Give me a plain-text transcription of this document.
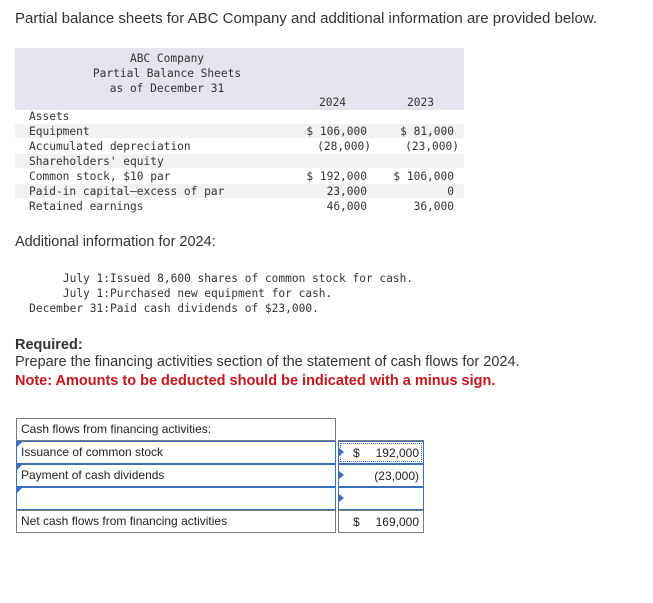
Partial balance sheets for ABC Company and additional information are provided below.
ABC Company
Partial Balance Sheets
as of December 31
2024	2023
Assets
Equipment	$ 106,000	$ 81,000
Accumulated depreciation	(28,000)	(23,000)
Shareholders' equity
Common stock, $10 par	$ 192,000 $ 106,000
Paid-in capital—excess of par	23,000	0
Retained earnings	46,000	36,000
Additional information for 2024:
July 1: Issued 8,600 shares of common stock for cash.
July 1: Purchased new equipment for cash.
December 31: Paid cash dividends of $23,000.
Required:
Prepare the financing activities section of the statement of cash flows for 2024.
Note: Amounts to be deducted should be indicated with a minus sign.
Cash flows from financing activities:
Issuance of common stock	$ 192,000
Payment of cash dividends	(23,000)
Net cash flows from financing activities	$ 169,000
